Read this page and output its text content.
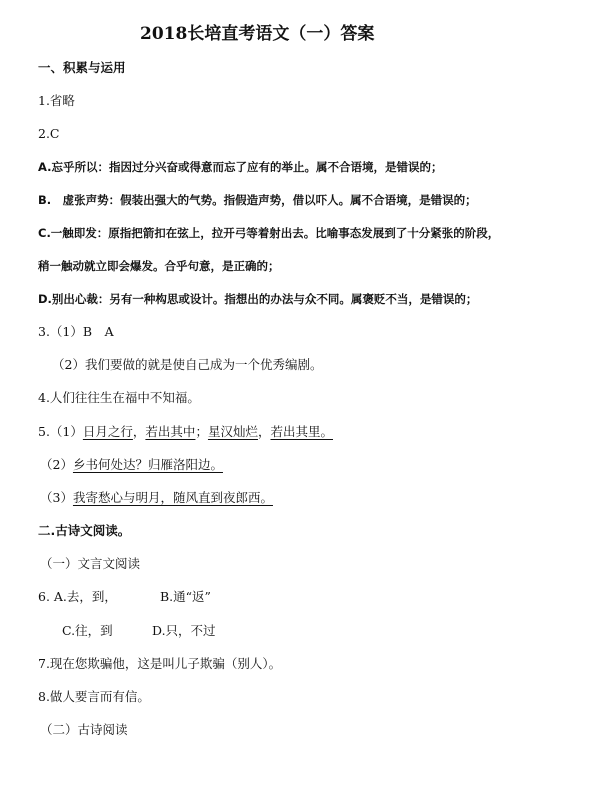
2018长培直考语文（一）答案
一、积累与运用
1.省略
2.C
A.忘乎所以：指因过分兴奋或得意而忘了应有的举止。属不合语境，是错误的；
B.　虚张声势：假装出强大的气势。指假造声势，借以吓人。属不合语境，是错误的；
C.一触即发：原指把箭扣在弦上，拉开弓等着射出去。比喻事态发展到了十分紧张的阶段，
稍一触动就立即会爆发。合乎句意，是正确的；
D.别出心裁：另有一种构思或设计。指想出的办法与众不同。属褒贬不当，是错误的；
3.（1）B　A
（2）我们要做的就是使自己成为一个优秀编剧。
4.人们往往生在福中不知福。
5.（1）日月之行，若出其中；星汉灿烂，若出其里。
（2）乡书何处达？归雁洛阳边。
（3）我寄愁心与明月，随风直到夜郎西。
二.古诗文阅读。
（一）文言文阅读
6. A.去，到，	B.通“返”
C.往，到	D.只，不过
7.现在您欺骗他，这是叫儿子欺骗（别人）。
8.做人要言而有信。
（二）古诗阅读
